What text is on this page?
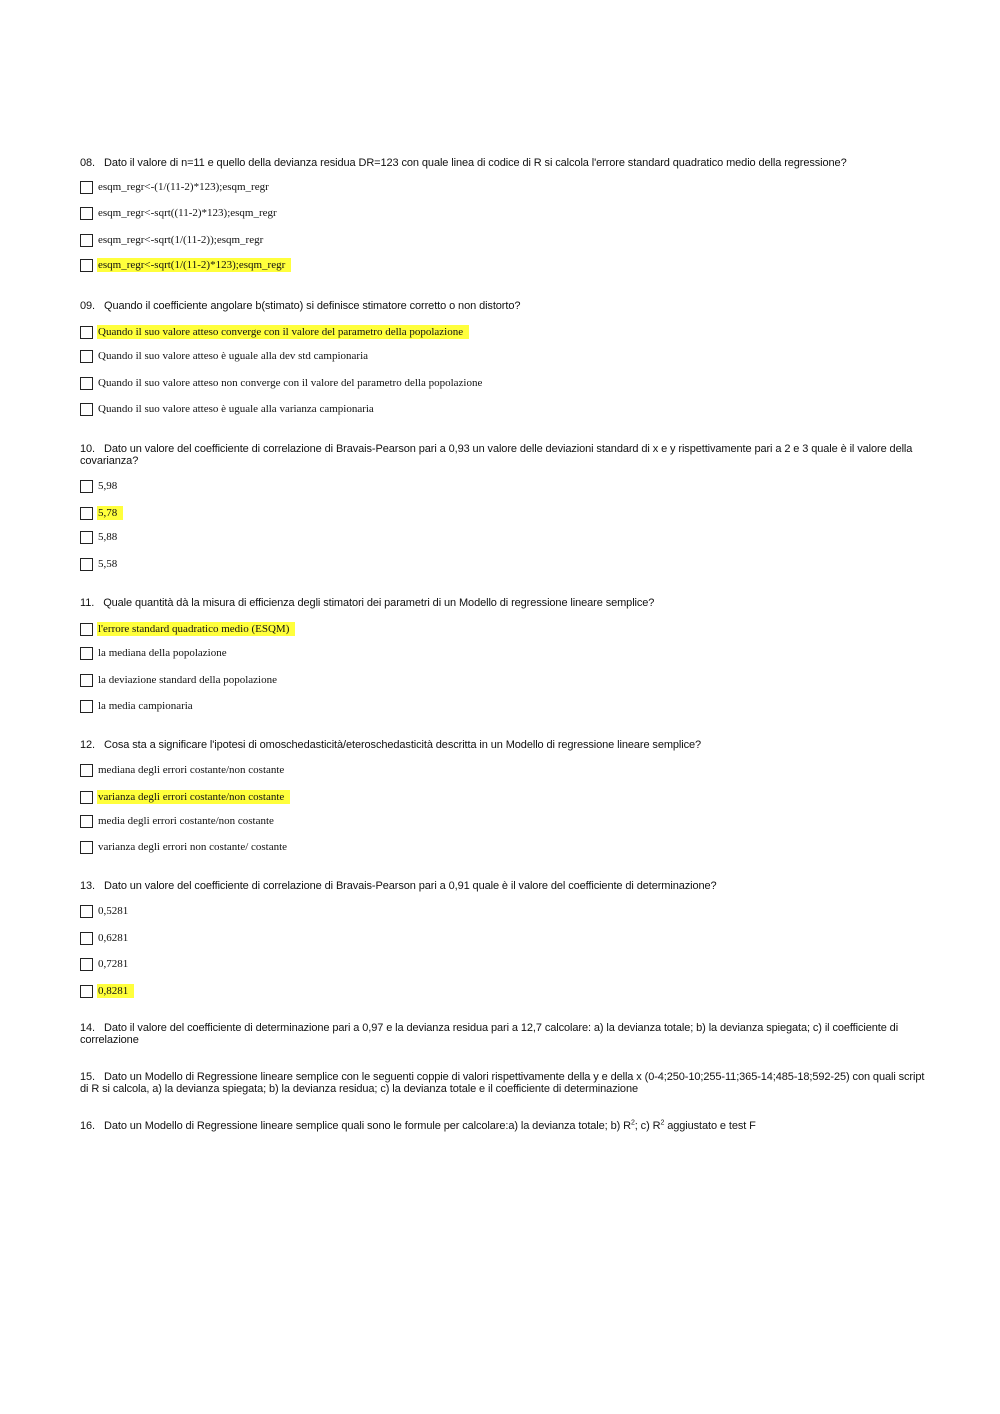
08. Dato il valore di n=11 e quello della devianza residua DR=123 con quale linea di codice di R si calcola l'errore standard quadratico medio della regressione?
esqm_regr<-(1/(11-2)*123);esqm_regr
esqm_regr<-sqrt((11-2)*123);esqm_regr
esqm_regr<-sqrt(1/(11-2));esqm_regr
esqm_regr<-sqrt(1/(11-2)*123);esqm_regr
09. Quando il coefficiente angolare b(stimato) si definisce stimatore corretto o non distorto?
Quando il suo valore atteso converge con il valore del parametro della popolazione
Quando il suo valore atteso è uguale alla dev std campionaria
Quando il suo valore atteso non converge con il valore del parametro della popolazione
Quando il suo valore atteso è uguale alla varianza campionaria
10. Dato un valore del coefficiente di correlazione di Bravais-Pearson pari a 0,93 un valore delle deviazioni standard di x e y rispettivamente pari a 2 e 3 quale è il valore della covarianza?
5,98
5,78
5,88
5,58
11. Quale quantità dà la misura di efficienza degli stimatori dei parametri di un Modello di regressione lineare semplice?
l'errore standard quadratico medio (ESQM)
la mediana della popolazione
la deviazione standard della popolazione
la media campionaria
12. Cosa sta a significare l'ipotesi di omoschedasticità/eteroschedasticità descritta in un Modello di regressione lineare semplice?
mediana degli errori costante/non costante
varianza degli errori costante/non costante
media degli errori costante/non costante
varianza degli errori non costante/ costante
13. Dato un valore del coefficiente di correlazione di Bravais-Pearson pari a 0,91 quale è il valore del coefficiente di determinazione?
0,5281
0,6281
0,7281
0,8281
14. Dato il valore del coefficiente di determinazione pari a 0,97 e la devianza residua pari a 12,7 calcolare: a) la devianza totale; b) la devianza spiegata; c) il coefficiente di correlazione
15. Dato un Modello di Regressione lineare semplice con le seguenti coppie di valori rispettivamente della y e della x (0-4;250-10;255-11;365-14;485-18;592-25) con quali script di R si calcola, a) la devianza spiegata; b) la devianza residua; c) la devianza totale e il coefficiente di determinazione
16. Dato un Modello di Regressione lineare semplice quali sono le formule per calcolare:a) la devianza totale; b) $R^2$; c) $R^2$ aggiustato e test F
